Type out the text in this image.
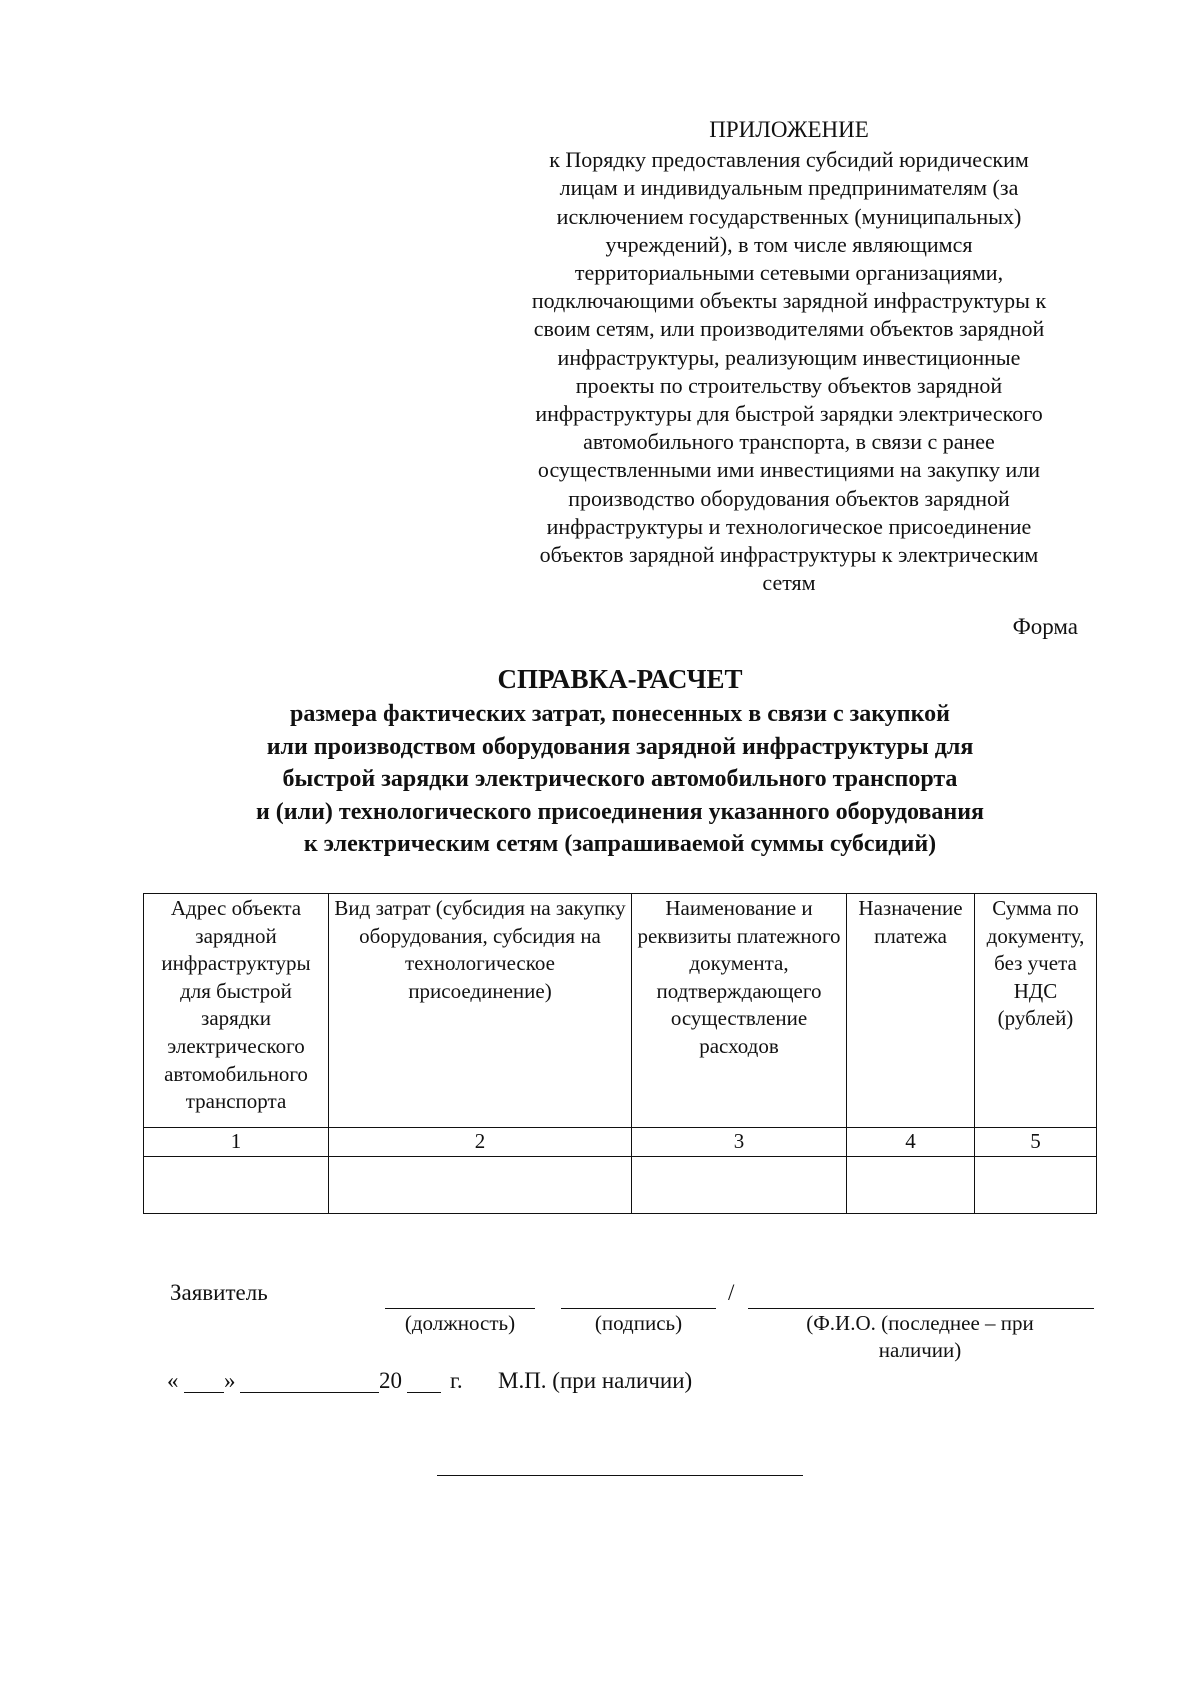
ПРИЛОЖЕНИЕ
к Порядку предоставления субсидий юридическим
лицам и индивидуальным предпринимателям (за
исключением государственных (муниципальных)
учреждений), в том числе являющимся
территориальными сетевыми организациями,
подключающими объекты зарядной инфраструктуры к
своим сетям, или производителями объектов зарядной
инфраструктуры, реализующим инвестиционные
проекты по строительству объектов зарядной
инфраструктуры для быстрой зарядки электрического
автомобильного транспорта, в связи с ранее
осуществленными ими инвестициями на закупку или
производство оборудования объектов зарядной
инфраструктуры и технологическое присоединение
объектов зарядной инфраструктуры к электрическим
сетям
Форма
СПРАВКА-РАСЧЕТ
размера фактических затрат, понесенных в связи с закупкой
или производством оборудования зарядной инфраструктуры для
быстрой зарядки электрического автомобильного транспорта
и (или) технологического присоединения указанного оборудования
к электрическим сетям (запрашиваемой суммы субсидий)
Адрес объекта зарядной инфраструктуры для быстрой зарядки электрического автомобильного транспорта	Вид затрат (субсидия на закупку оборудования, субсидия на технологическое присоединение)	Наименование и реквизиты платежного документа, подтверждающего осуществление расходов	Назначение платежа	Сумма по документу, без учета НДС (рублей)
1	2	3	4	5

Заявитель
(должность)	(подпись)
/
(Ф.И.О. (последнее – при наличии)
« »	20 г. М.П. (при наличии)
